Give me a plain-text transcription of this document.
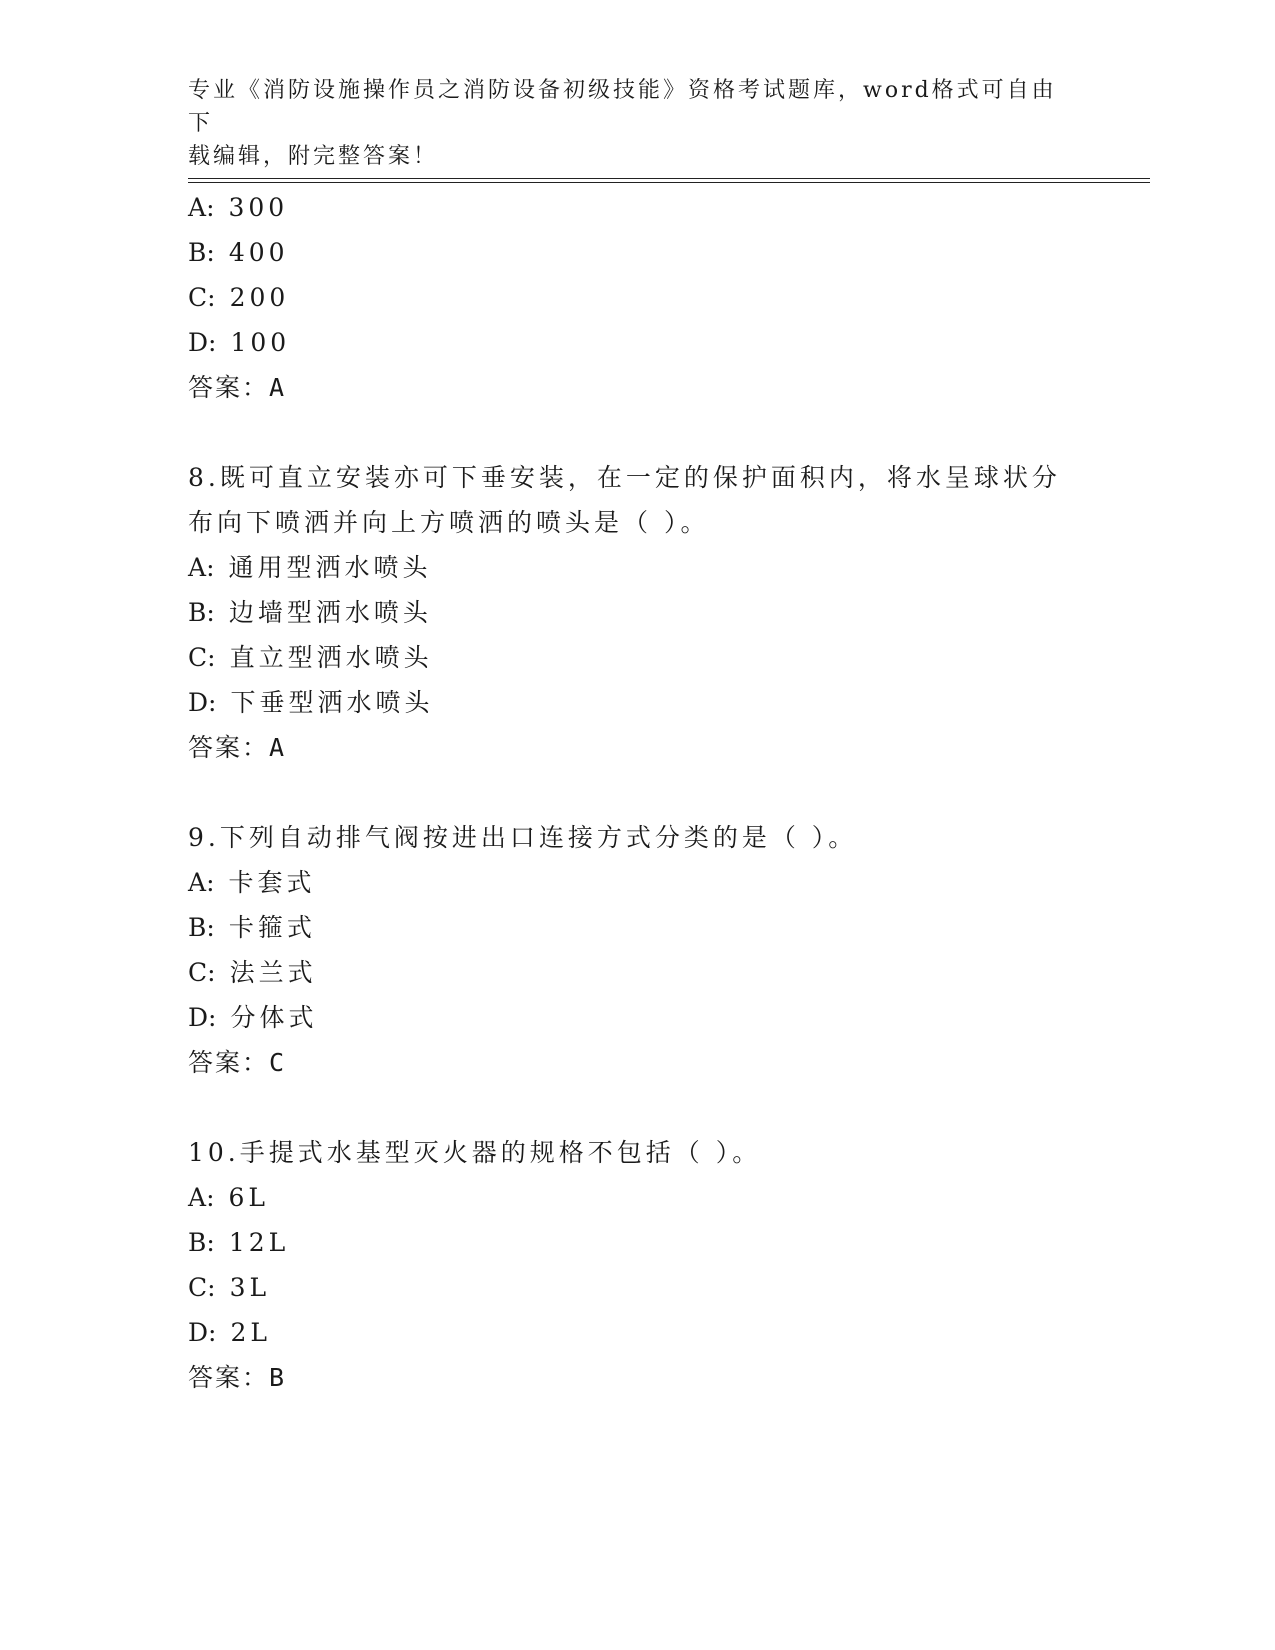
专业《消防设施操作员之消防设备初级技能》资格考试题库，word格式可自由下
载编辑，附完整答案！
A: 300
B: 400
C: 200
D: 100
答案：A
8.既可直立安装亦可下垂安装，在一定的保护面积内，将水呈球状分
布向下喷洒并向上方喷洒的喷头是（ ）。
A: 通用型洒水喷头
B: 边墙型洒水喷头
C: 直立型洒水喷头
D: 下垂型洒水喷头
答案：A
9.下列自动排气阀按进出口连接方式分类的是（ ）。
A: 卡套式
B: 卡箍式
C: 法兰式
D: 分体式
答案：C
10.手提式水基型灭火器的规格不包括（ ）。
A: 6L
B: 12L
C: 3L
D: 2L
答案：B
